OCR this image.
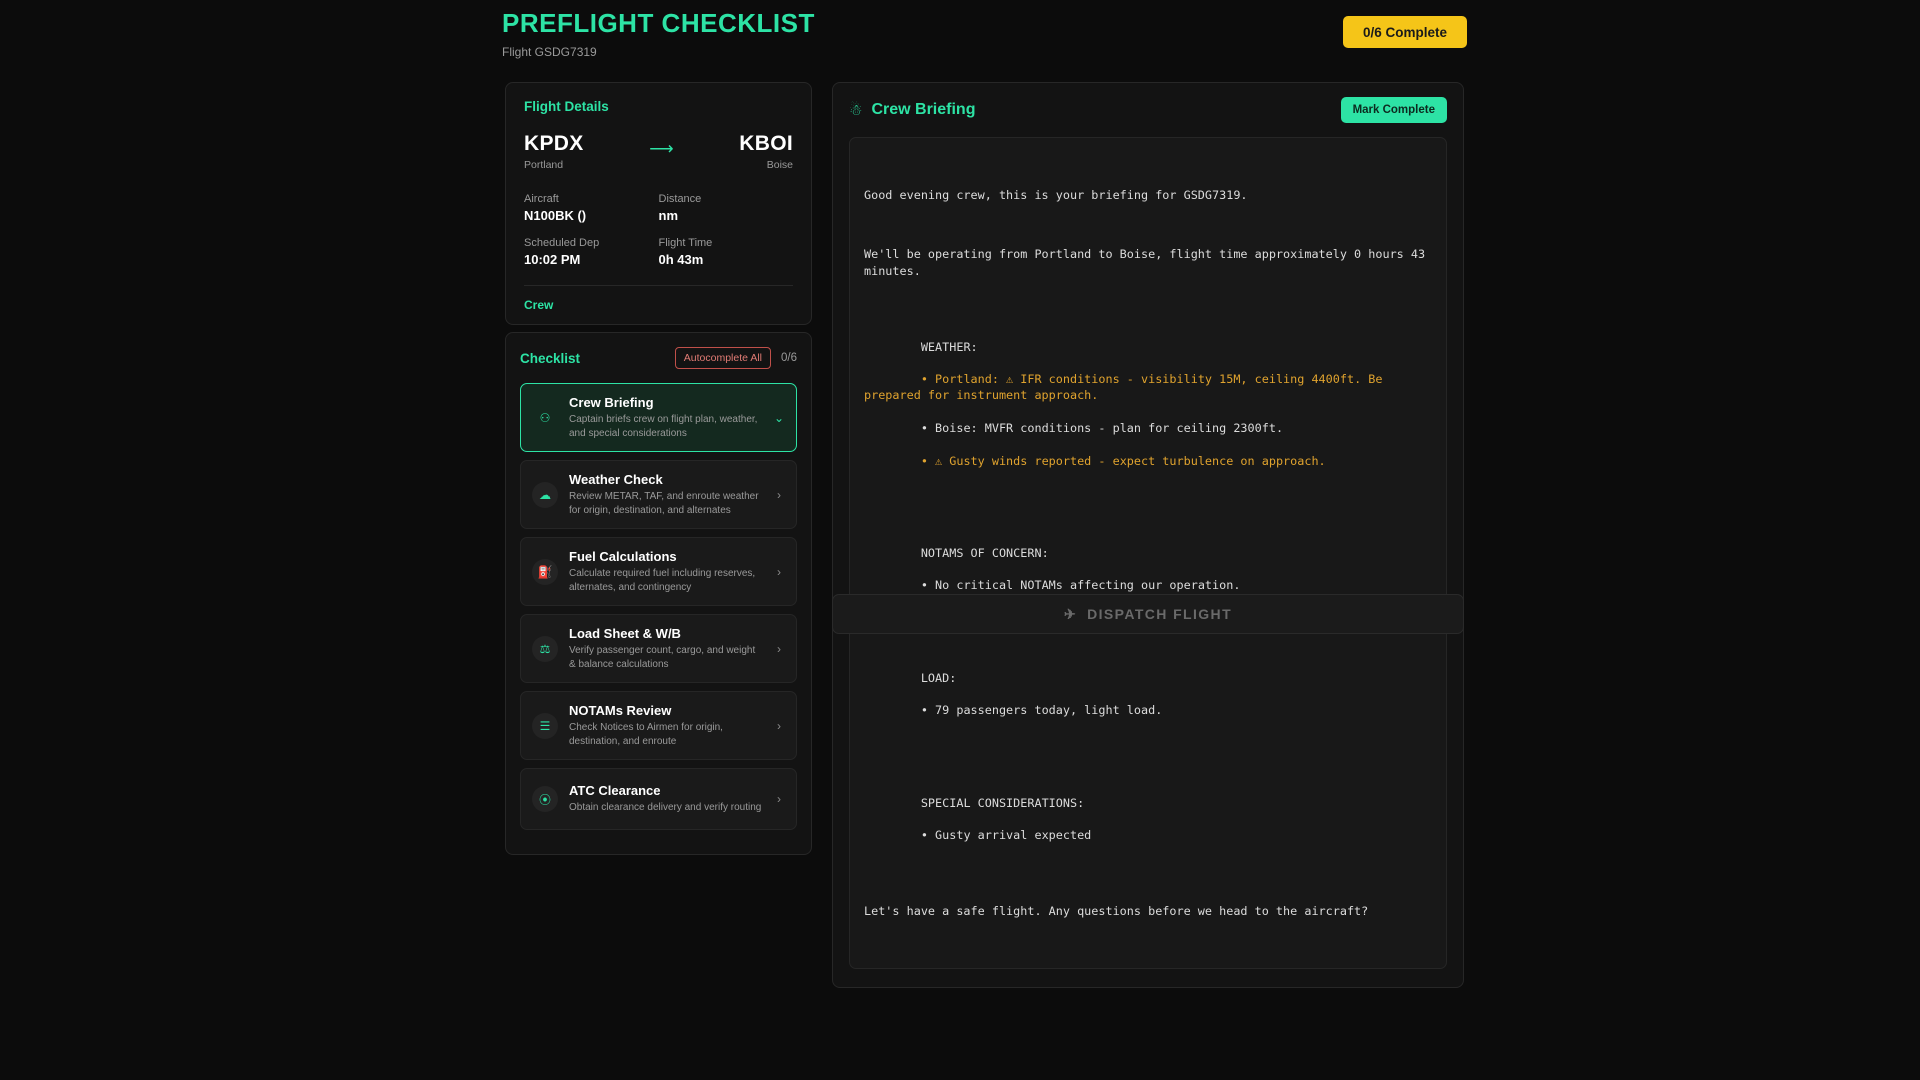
PREFLIGHT CHECKLIST
Flight GSDG7319
0/6 Complete
Flight Details
KPDX
Portland
⟶	KBOI
Boise
Aircraft
N100BK ()
Distance
nm
Scheduled Dep
10:02 PM
Flight Time
0h 43m
Crew
Checklist	Autocomplete All	0/6
⚇
Crew Briefing
Captain briefs crew on flight plan, weather, and special considerations
⌄
☁
Weather Check
Review METAR, TAF, and enroute weather for origin, destination, and alternates
›
⛽
Fuel Calculations
Calculate required fuel including reserves, alternates, and contingency
›
⚖
Load Sheet & W/B
Verify passenger count, cargo, and weight & balance calculations
›
☰
NOTAMs Review
Check Notices to Airmen for origin, destination, and enroute
›
⦿
ATC Clearance
Obtain clearance delivery and verify routing
›
☃ Crew Briefing	Mark Complete

Good evening crew, this is your briefing for GSDG7319.

We'll be operating from Portland to Boise, flight time approximately 0 hours 43 minutes.

WEATHER:

• Portland: ⚠ IFR conditions - visibility 15M, ceiling 4400ft. Be prepared for instrument approach.

• Boise: MVFR conditions - plan for ceiling 2300ft.

• ⚠ Gusty winds reported - expect turbulence on approach.

NOTAMS OF CONCERN:

• No critical NOTAMs affecting our operation.

LOAD:

• 79 passengers today, light load.

SPECIAL CONSIDERATIONS:

• Gusty arrival expected

Let's have a safe flight. Any questions before we head to the aircraft?

✈ DISPATCH FLIGHT
